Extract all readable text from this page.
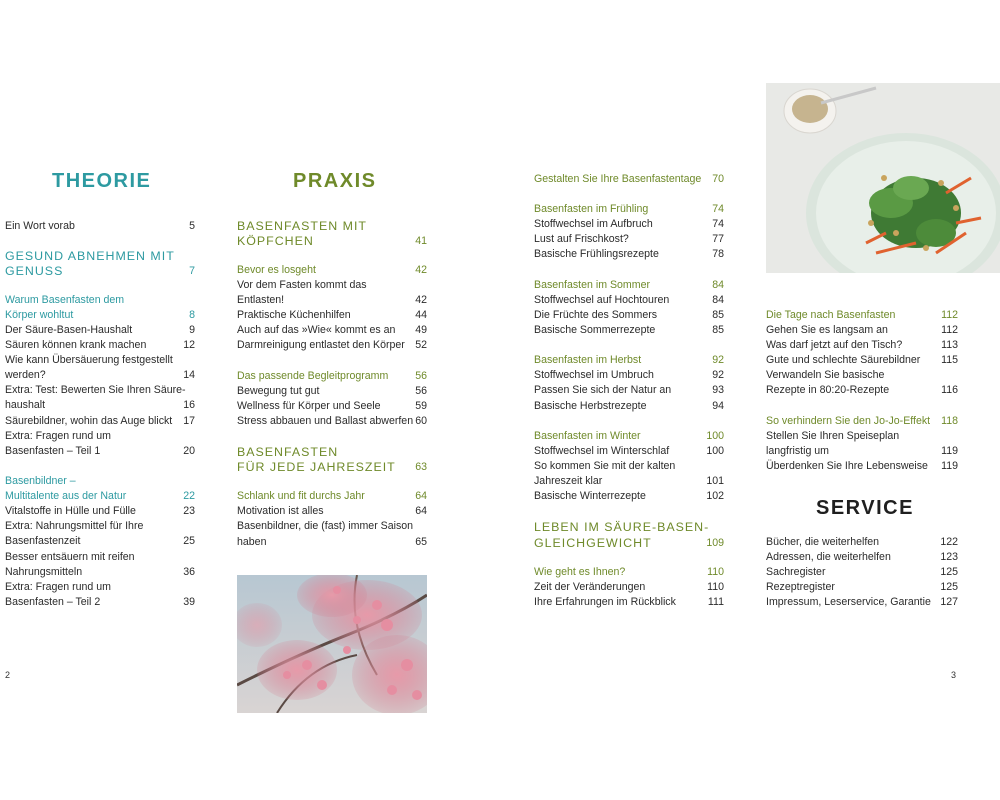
THEORIE
Ein Wort vorab	5
GESUND ABNEHMEN MIT
GENUSS	7
Warum Basenfasten dem
Körper wohltut	8
Der Säure-Basen-Haushalt	9
Säuren können krank machen	12
Wie kann Übersäuerung festgestellt
werden?	14
Extra: Test: Bewerten Sie Ihren Säure-
haushalt	16
Säurebildner, wohin das Auge blickt	17
Extra: Fragen rund um
Basenfasten – Teil 1	20
Basenbildner –
Multitalente aus der Natur	22
Vitalstoffe in Hülle und Fülle	23
Extra: Nahrungsmittel für Ihre
Basenfastenzeit	25
Besser entsäuern mit reifen
Nahrungsmitteln	36
Extra: Fragen rund um
Basenfasten – Teil 2	39
PRAXIS
BASENFASTEN MIT
KÖPFCHEN	41
Bevor es losgeht	42
Vor dem Fasten kommt das
Entlasten!	42
Praktische Küchenhilfen	44
Auch auf das »Wie« kommt es an	49
Darmreinigung entlastet den Körper 52
Das passende Begleitprogramm	56
Bewegung tut gut	56
Wellness für Körper und Seele	59
Stress abbauen und Ballast abwerfen 60
BASENFASTEN
FÜR JEDE JAHRESZEIT	63
Schlank und fit durchs Jahr	64
Motivation ist alles	64
Basenbildner, die (fast) immer Saison
haben	65
2
Gestalten Sie Ihre Basenfastentage	70
Basenfasten im Frühling	74
Stoffwechsel im Aufbruch	74
Lust auf Frischkost?	77
Basische Frühlingsrezepte	78
Basenfasten im Sommer	84
Stoffwechsel auf Hochtouren	84
Die Früchte des Sommers	85
Basische Sommerrezepte	85
Basenfasten im Herbst	92
Stoffwechsel im Umbruch	92
Passen Sie sich der Natur an	93
Basische Herbstrezepte	94
Basenfasten im Winter	100
Stoffwechsel im Winterschlaf	100
So kommen Sie mit der kalten
Jahreszeit klar	101
Basische Winterrezepte	102
LEBEN IM SÄURE-BASEN-
GLEICHGEWICHT	109
Wie geht es Ihnen?	110
Zeit der Veränderungen	110
Ihre Erfahrungen im Rückblick	111
Die Tage nach Basenfasten	112
Gehen Sie es langsam an	112
Was darf jetzt auf den Tisch?	113
Gute und schlechte Säurebildner	115
Verwandeln Sie basische
Rezepte in 80:20-Rezepte	116
So verhindern Sie den Jo-Jo-Effekt	118
Stellen Sie Ihren Speiseplan
langfristig um	119
Überdenken Sie Ihre Lebensweise	119
SERVICE
Bücher, die weiterhelfen	122
Adressen, die weiterhelfen	123
Sachregister	125
Rezeptregister	125
Impressum, Leserservice, Garantie 127
3
